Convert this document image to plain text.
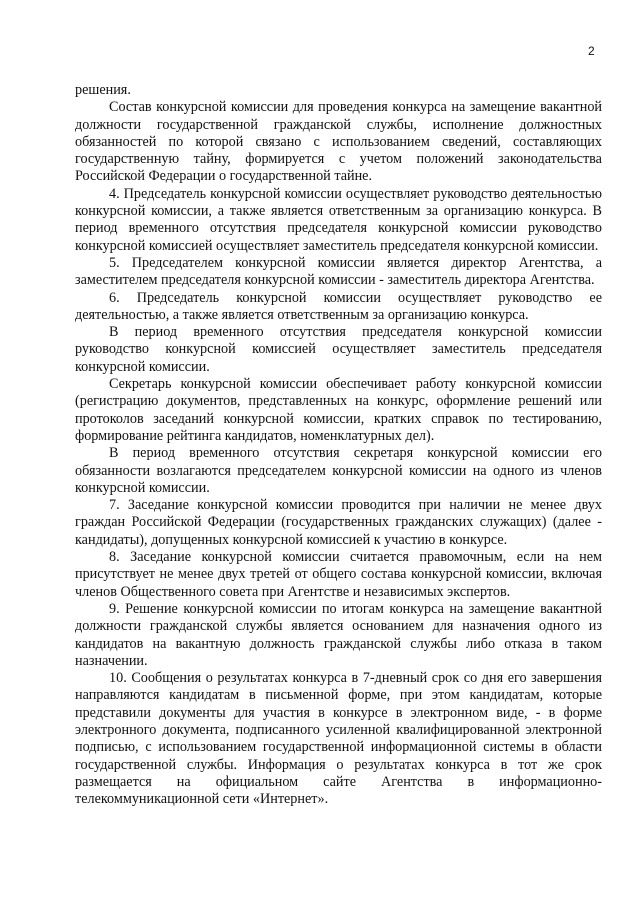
2

решения.

Состав конкурсной комиссии для проведения конкурса на замещение вакантной должности государственной гражданской службы, исполнение должностных обязанностей по которой связано с использованием сведений, составляющих государственную тайну, формируется с учетом положений законодательства Российской Федерации о государственной тайне.

4. Председатель конкурсной комиссии осуществляет руководство деятельностью конкурсной комиссии, а также является ответственным за организацию конкурса. В период временного отсутствия председателя конкурсной комиссии руководство конкурсной комиссией осуществляет заместитель председателя конкурсной комиссии.

5. Председателем конкурсной комиссии является директор Агентства, а заместителем председателя конкурсной комиссии - заместитель директора Агентства.

6. Председатель конкурсной комиссии осуществляет руководство ее деятельностью, а также является ответственным за организацию конкурса.

В период временного отсутствия председателя конкурсной комиссии руководство конкурсной комиссией осуществляет заместитель председателя конкурсной комиссии.

Секретарь конкурсной комиссии обеспечивает работу конкурсной комиссии (регистрацию документов, представленных на конкурс, оформление решений или протоколов заседаний конкурсной комиссии, кратких справок по тестированию, формирование рейтинга кандидатов, номенклатурных дел).

В период временного отсутствия секретаря конкурсной комиссии его обязанности возлагаются председателем конкурсной комиссии на одного из членов конкурсной комиссии.

7. Заседание конкурсной комиссии проводится при наличии не менее двух граждан Российской Федерации (государственных гражданских служащих) (далее - кандидаты), допущенных конкурсной комиссией к участию в конкурсе.

8. Заседание конкурсной комиссии считается правомочным, если на нем присутствует не менее двух третей от общего состава конкурсной комиссии, включая членов Общественного совета при Агентстве и независимых экспертов.

9. Решение конкурсной комиссии по итогам конкурса на замещение вакантной должности гражданской службы является основанием для назначения одного из кандидатов на вакантную должность гражданской службы либо отказа в таком назначении.

10. Сообщения о результатах конкурса в 7-дневный срок со дня его завершения направляются кандидатам в письменной форме, при этом кандидатам, которые представили документы для участия в конкурсе в электронном виде, - в форме электронного документа, подписанного усиленной квалифицированной электронной подписью, с использованием государственной информационной системы в области государственной службы. Информация о результатах конкурса в тот же срок размещается на официальном сайте Агентства в информационно-телекоммуникационной сети «Интернет».
